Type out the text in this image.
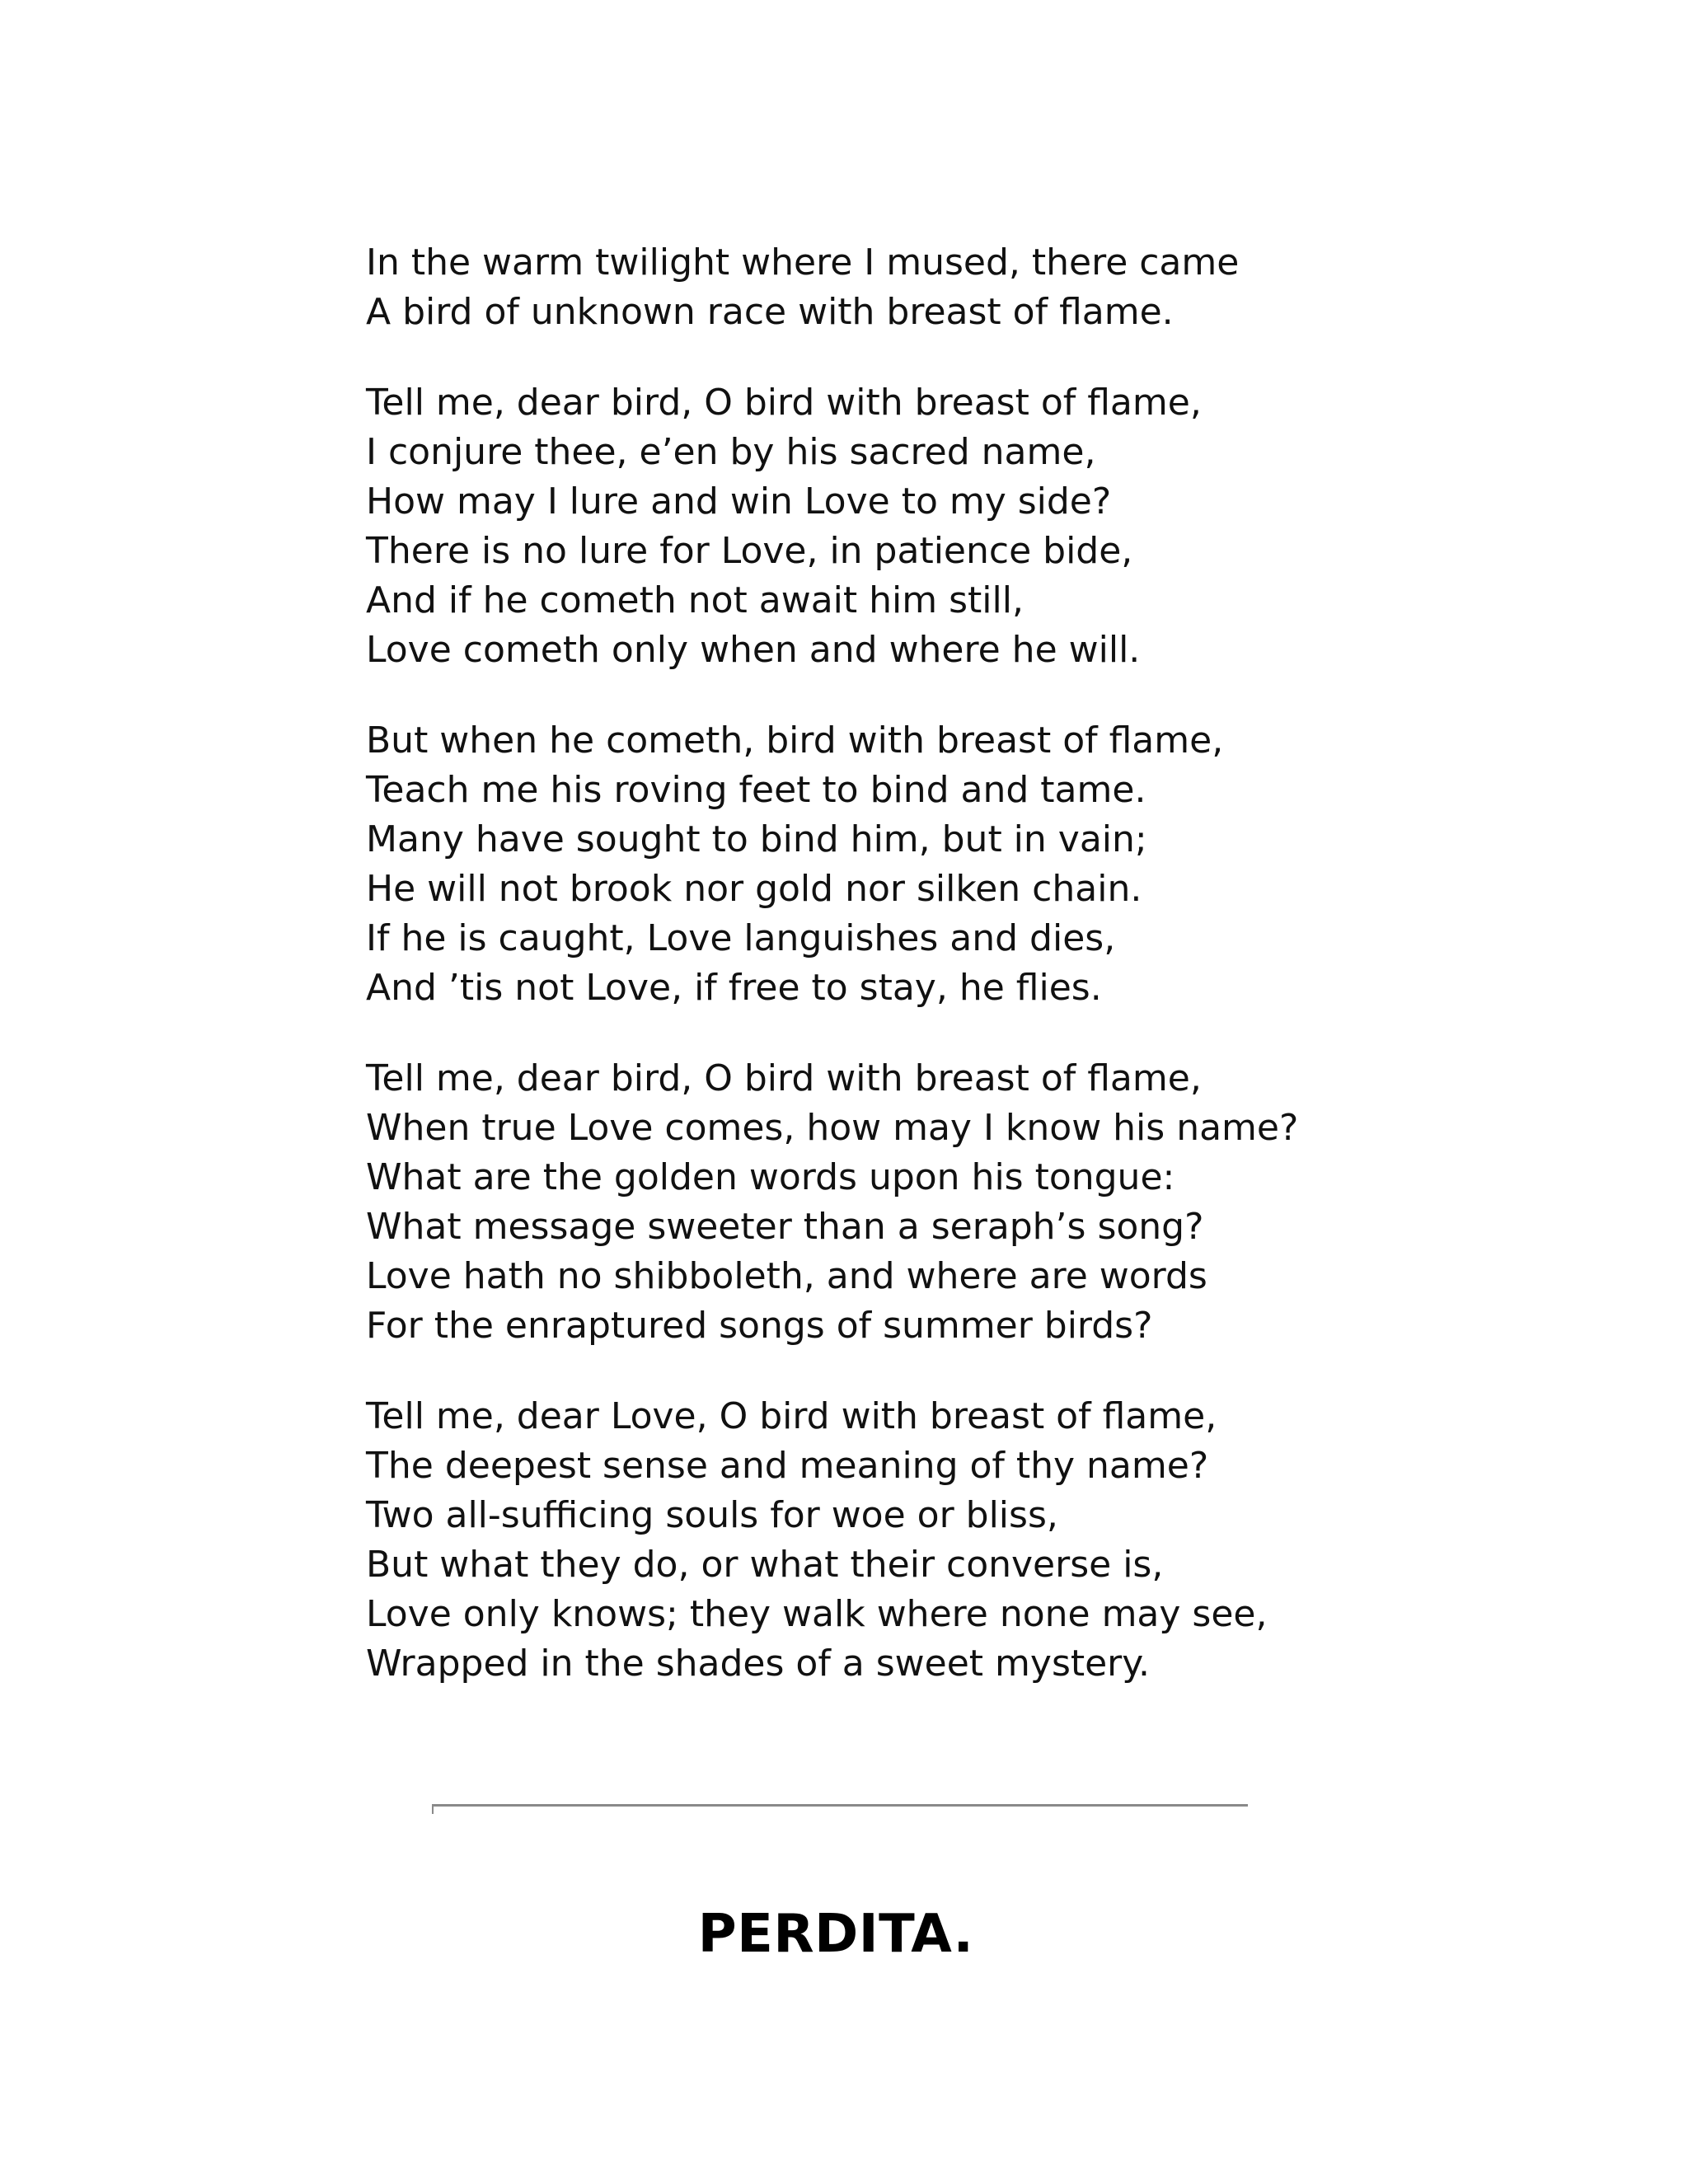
In the warm twilight where I mused, there came
A bird of unknown race with breast of flame.
Tell me, dear bird, O bird with breast of flame,
I conjure thee, e’en by his sacred name,
How may I lure and win Love to my side?
There is no lure for Love, in patience bide,
And if he cometh not await him still,
Love cometh only when and where he will.
But when he cometh, bird with breast of flame,
Teach me his roving feet to bind and tame.
Many have sought to bind him, but in vain;
He will not brook nor gold nor silken chain.
If he is caught, Love languishes and dies,
And ’tis not Love, if free to stay, he flies.
Tell me, dear bird, O bird with breast of flame,
When true Love comes, how may I know his name?
What are the golden words upon his tongue:
What message sweeter than a seraph’s song?
Love hath no shibboleth, and where are words
For the enraptured songs of summer birds?
Tell me, dear Love, O bird with breast of flame,
The deepest sense and meaning of thy name?
Two all-sufficing souls for woe or bliss,
But what they do, or what their converse is,
Love only knows; they walk where none may see,
Wrapped in the shades of a sweet mystery.
PERDITA.
